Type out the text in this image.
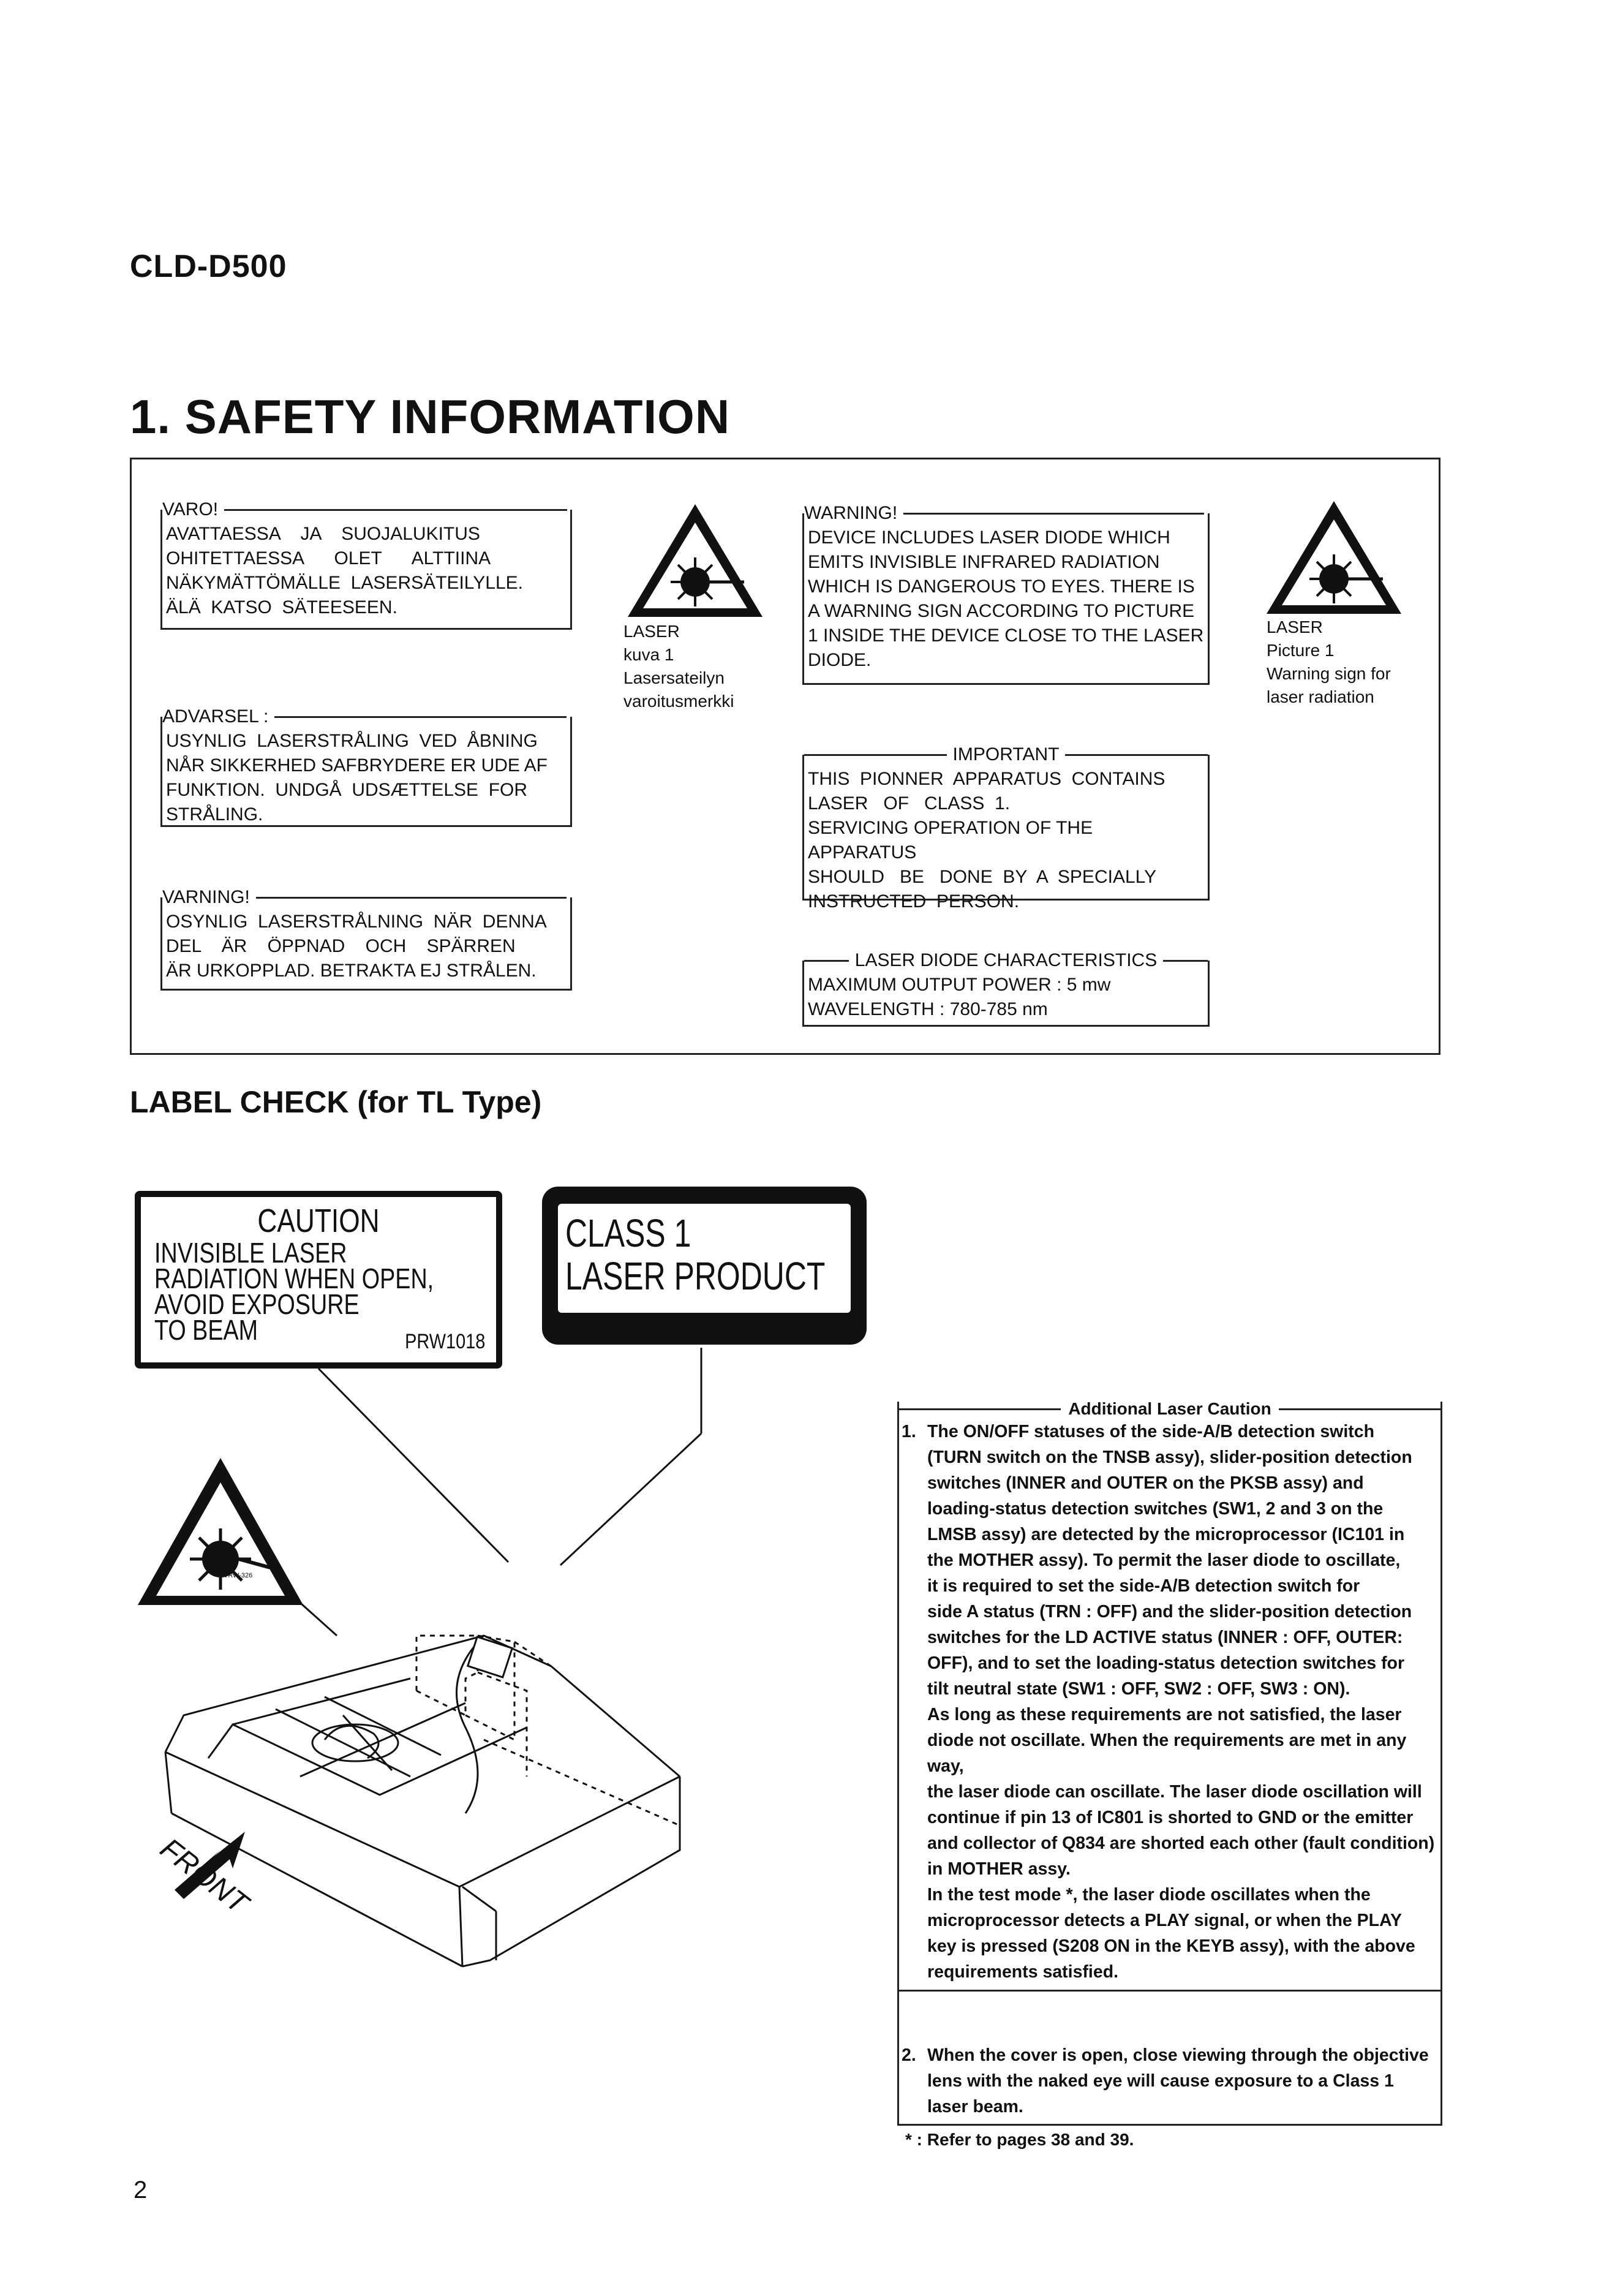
CLD-D500
1. SAFETY INFORMATION
VARO!
AVATTAESSA    JA    SUOJALUKITUS
OHITETTAESSA      OLET      ALTTIINA
NÄKYMÄTTÖMÄLLE  LASERSÄTEILYLLE.
ÄLÄ  KATSO  SÄTEESEEN.
ADVARSEL :
USYNLIG  LASERSTRÅLING  VED  ÅBNING
NÅR SIKKERHED SAFBRYDERE ER UDE AF
FUNKTION.  UNDGÅ  UDSÆTTELSE  FOR
STRÅLING.
VARNING!
OSYNLIG  LASERSTRÅLNING  NÄR  DENNA
DEL    ÄR    ÖPPNAD    OCH    SPÄRREN
ÄR URKOPPLAD. BETRAKTA EJ STRÅLEN.
LASER
kuva 1
Lasersateilyn
varoitusmerkki
WARNING!
DEVICE INCLUDES LASER DIODE WHICH
EMITS INVISIBLE INFRARED RADIATION
WHICH IS DANGEROUS TO EYES. THERE IS
A WARNING SIGN ACCORDING TO PICTURE
1 INSIDE THE DEVICE CLOSE TO THE LASER
DIODE.
IMPORTANT
THIS  PIONNER  APPARATUS  CONTAINS
LASER   OF   CLASS  1.
SERVICING OPERATION OF THE APPARATUS
SHOULD   BE   DONE  BY  A  SPECIALLY
INSTRUCTED  PERSON.
LASER DIODE CHARACTERISTICS
MAXIMUM OUTPUT POWER : 5 mw
WAVELENGTH : 780-785 nm
LASER
Picture 1
Warning sign for
laser radiation
LABEL CHECK (for TL Type)
CAUTION
INVISIBLE LASER
RADIATION WHEN OPEN,
AVOID EXPOSURE
TO BEAM	PRW1018
CLASS 1
LASER PRODUCT
VRW-328
VRW-326
FRONT
Additional Laser Caution
1. The ON/OFF statuses of the side-A/B detection switch
(TURN switch on the TNSB assy), slider-position detection
switches (INNER and OUTER on the PKSB assy) and
loading-status detection switches (SW1, 2 and 3 on the
LMSB assy) are detected by the microprocessor (IC101 in
the MOTHER assy). To permit the laser diode to oscillate,
it is required to set the side-A/B detection switch for
side A status (TRN : OFF) and the slider-position detection
switches for the LD ACTIVE status (INNER : OFF, OUTER:
OFF), and to set the loading-status detection switches for
tilt neutral state (SW1 : OFF, SW2 : OFF, SW3 : ON).
As long as these requirements are not satisfied, the laser
diode not oscillate. When the requirements are met in any way,
the laser diode can oscillate. The laser diode oscillation will
continue if pin 13 of IC801 is shorted to GND or the emitter
and collector of Q834 are shorted each other (fault condition)
in MOTHER assy.
In the test mode *, the laser diode oscillates when the
microprocessor detects a PLAY signal, or when the PLAY
key is pressed (S208 ON in the KEYB assy), with the above
requirements satisfied.
2. When the cover is open, close viewing through the objective
lens with the naked eye will cause exposure to a Class 1
laser beam.
* : Refer to pages 38 and 39.
2
